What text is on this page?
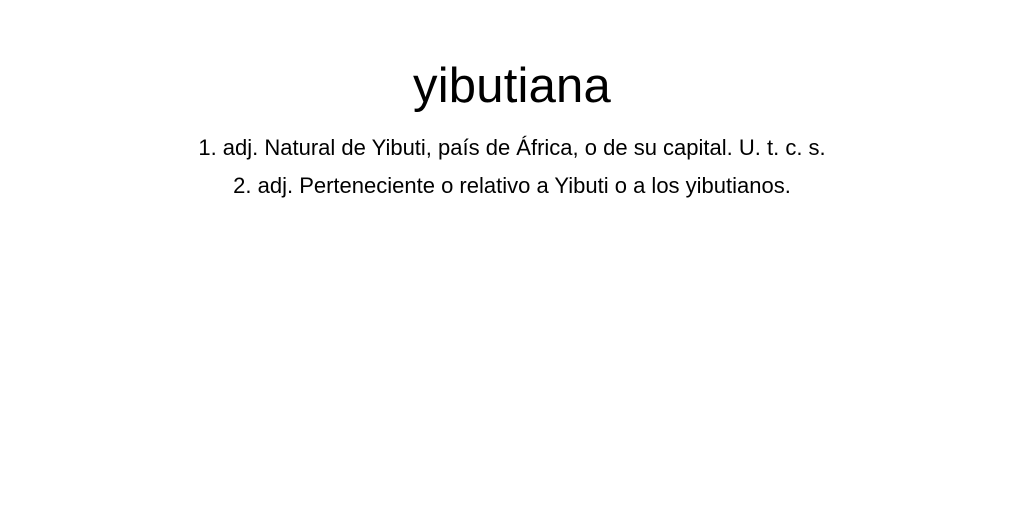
yibutiana
1. adj. Natural de Yibuti, país de África, o de su capital. U. t. c. s.
2. adj. Perteneciente o relativo a Yibuti o a los yibutianos.
